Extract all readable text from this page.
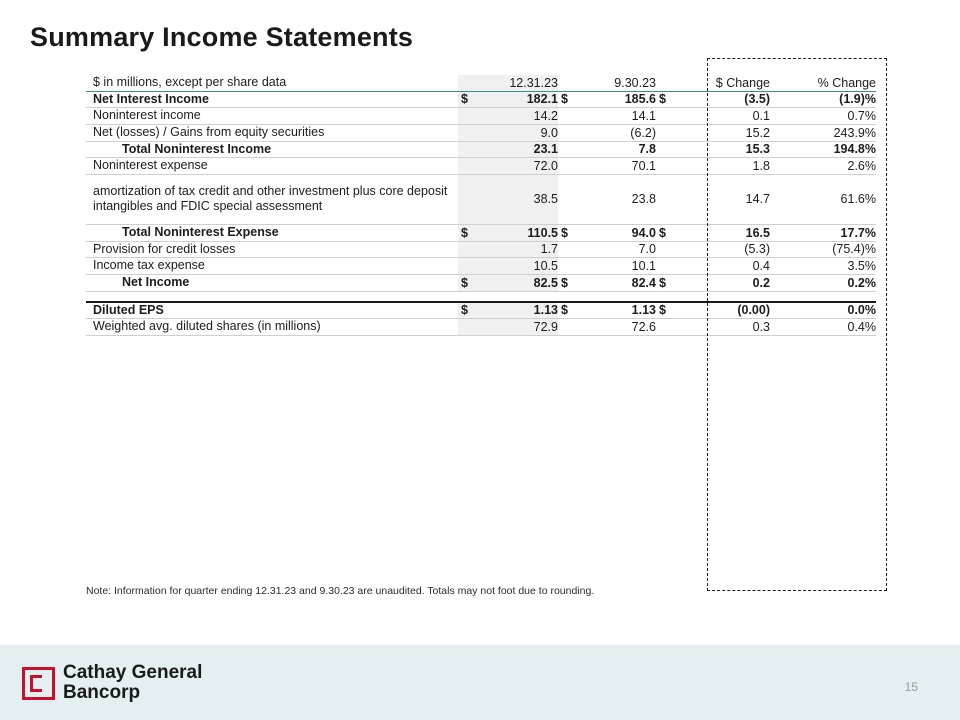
Summary Income Statements
$ in millions, except per share data		12.31.23		9.30.23		$ Change	% Change
Net Interest Income	$	182.1	$	185.6	$	(3.5)	(1.9)%
Noninterest income		14.2		14.1		0.1	0.7%
Net (losses) / Gains from equity securities		9.0		(6.2)		15.2	243.9%
Total Noninterest Income		23.1		7.8		15.3	194.8%
Noninterest expense		72.0		70.1		1.8	2.6%
amortization of tax credit and other investment plus core deposit intangibles and FDIC special assessment		38.5		23.8		14.7	61.6%
Total Noninterest Expense	$	110.5	$	94.0	$	16.5	17.7%
Provision for credit losses		1.7		7.0		(5.3)	(75.4)%
Income tax expense		10.5		10.1		0.4	3.5%
Net Income	$	82.5	$	82.4	$	0.2	0.2%

Diluted EPS	$	1.13	$	1.13	$	(0.00)	0.0%
Weighted avg. diluted shares (in millions)		72.9		72.6		0.3	0.4%
Note: Information for quarter ending 12.31.23 and 9.30.23 are unaudited. Totals may not foot due to rounding.
Cathay General
Bancorp	15
